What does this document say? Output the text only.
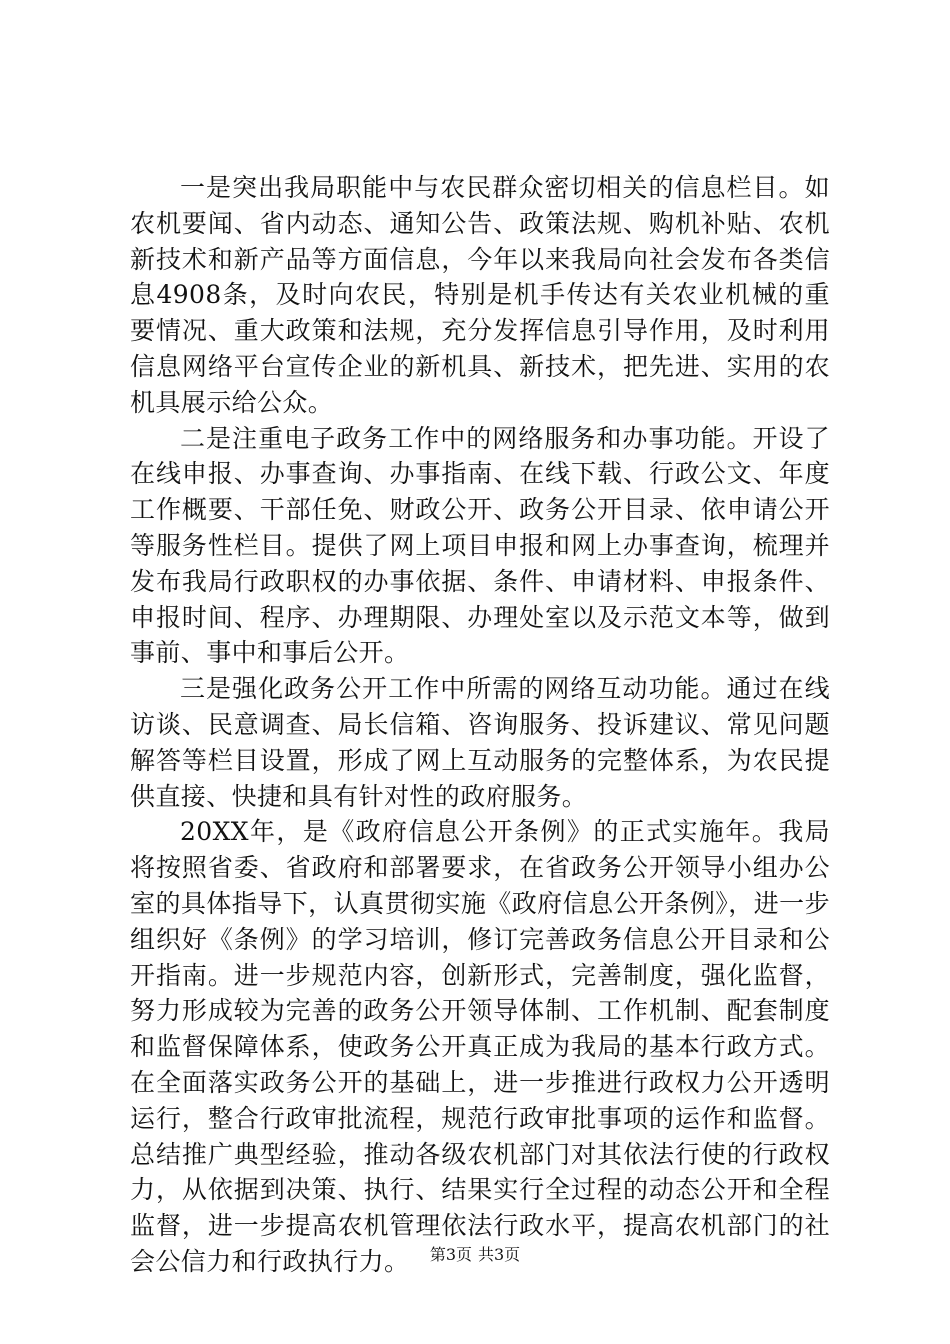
一是突出我局职能中与农民群众密切相关的信息栏目。如农机要闻、省内动态、通知公告、政策法规、购机补贴、农机新技术和新产品等方面信息，今年以来我局向社会发布各类信息4908条，及时向农民，特别是机手传达有关农业机械的重要情况、重大政策和法规，充分发挥信息引导作用，及时利用信息网络平台宣传企业的新机具、新技术，把先进、实用的农机具展示给公众。

二是注重电子政务工作中的网络服务和办事功能。开设了在线申报、办事查询、办事指南、在线下载、行政公文、年度工作概要、干部任免、财政公开、政务公开目录、依申请公开等服务性栏目。提供了网上项目申报和网上办事查询，梳理并发布我局行政职权的办事依据、条件、申请材料、申报条件、申报时间、程序、办理期限、办理处室以及示范文本等，做到事前、事中和事后公开。

三是强化政务公开工作中所需的网络互动功能。通过在线访谈、民意调查、局长信箱、咨询服务、投诉建议、常见问题解答等栏目设置，形成了网上互动服务的完整体系，为农民提供直接、快捷和具有针对性的政府服务。

20XX年，是《政府信息公开条例》的正式实施年。我局将按照省委、省政府和部署要求，在省政务公开领导小组办公室的具体指导下，认真贯彻实施《政府信息公开条例》，进一步组织好《条例》的学习培训，修订完善政务信息公开目录和公开指南。进一步规范内容，创新形式，完善制度，强化监督，努力形成较为完善的政务公开领导体制、工作机制、配套制度和监督保障体系，使政务公开真正成为我局的基本行政方式。在全面落实政务公开的基础上，进一步推进行政权力公开透明运行，整合行政审批流程，规范行政审批事项的运作和监督。总结推广典型经验，推动各级农机部门对其依法行使的行政权力，从依据到决策、执行、结果实行全过程的动态公开和全程监督，进一步提高农机管理依法行政水平，提高农机部门的社会公信力和行政执行力。	第3页 共3页
